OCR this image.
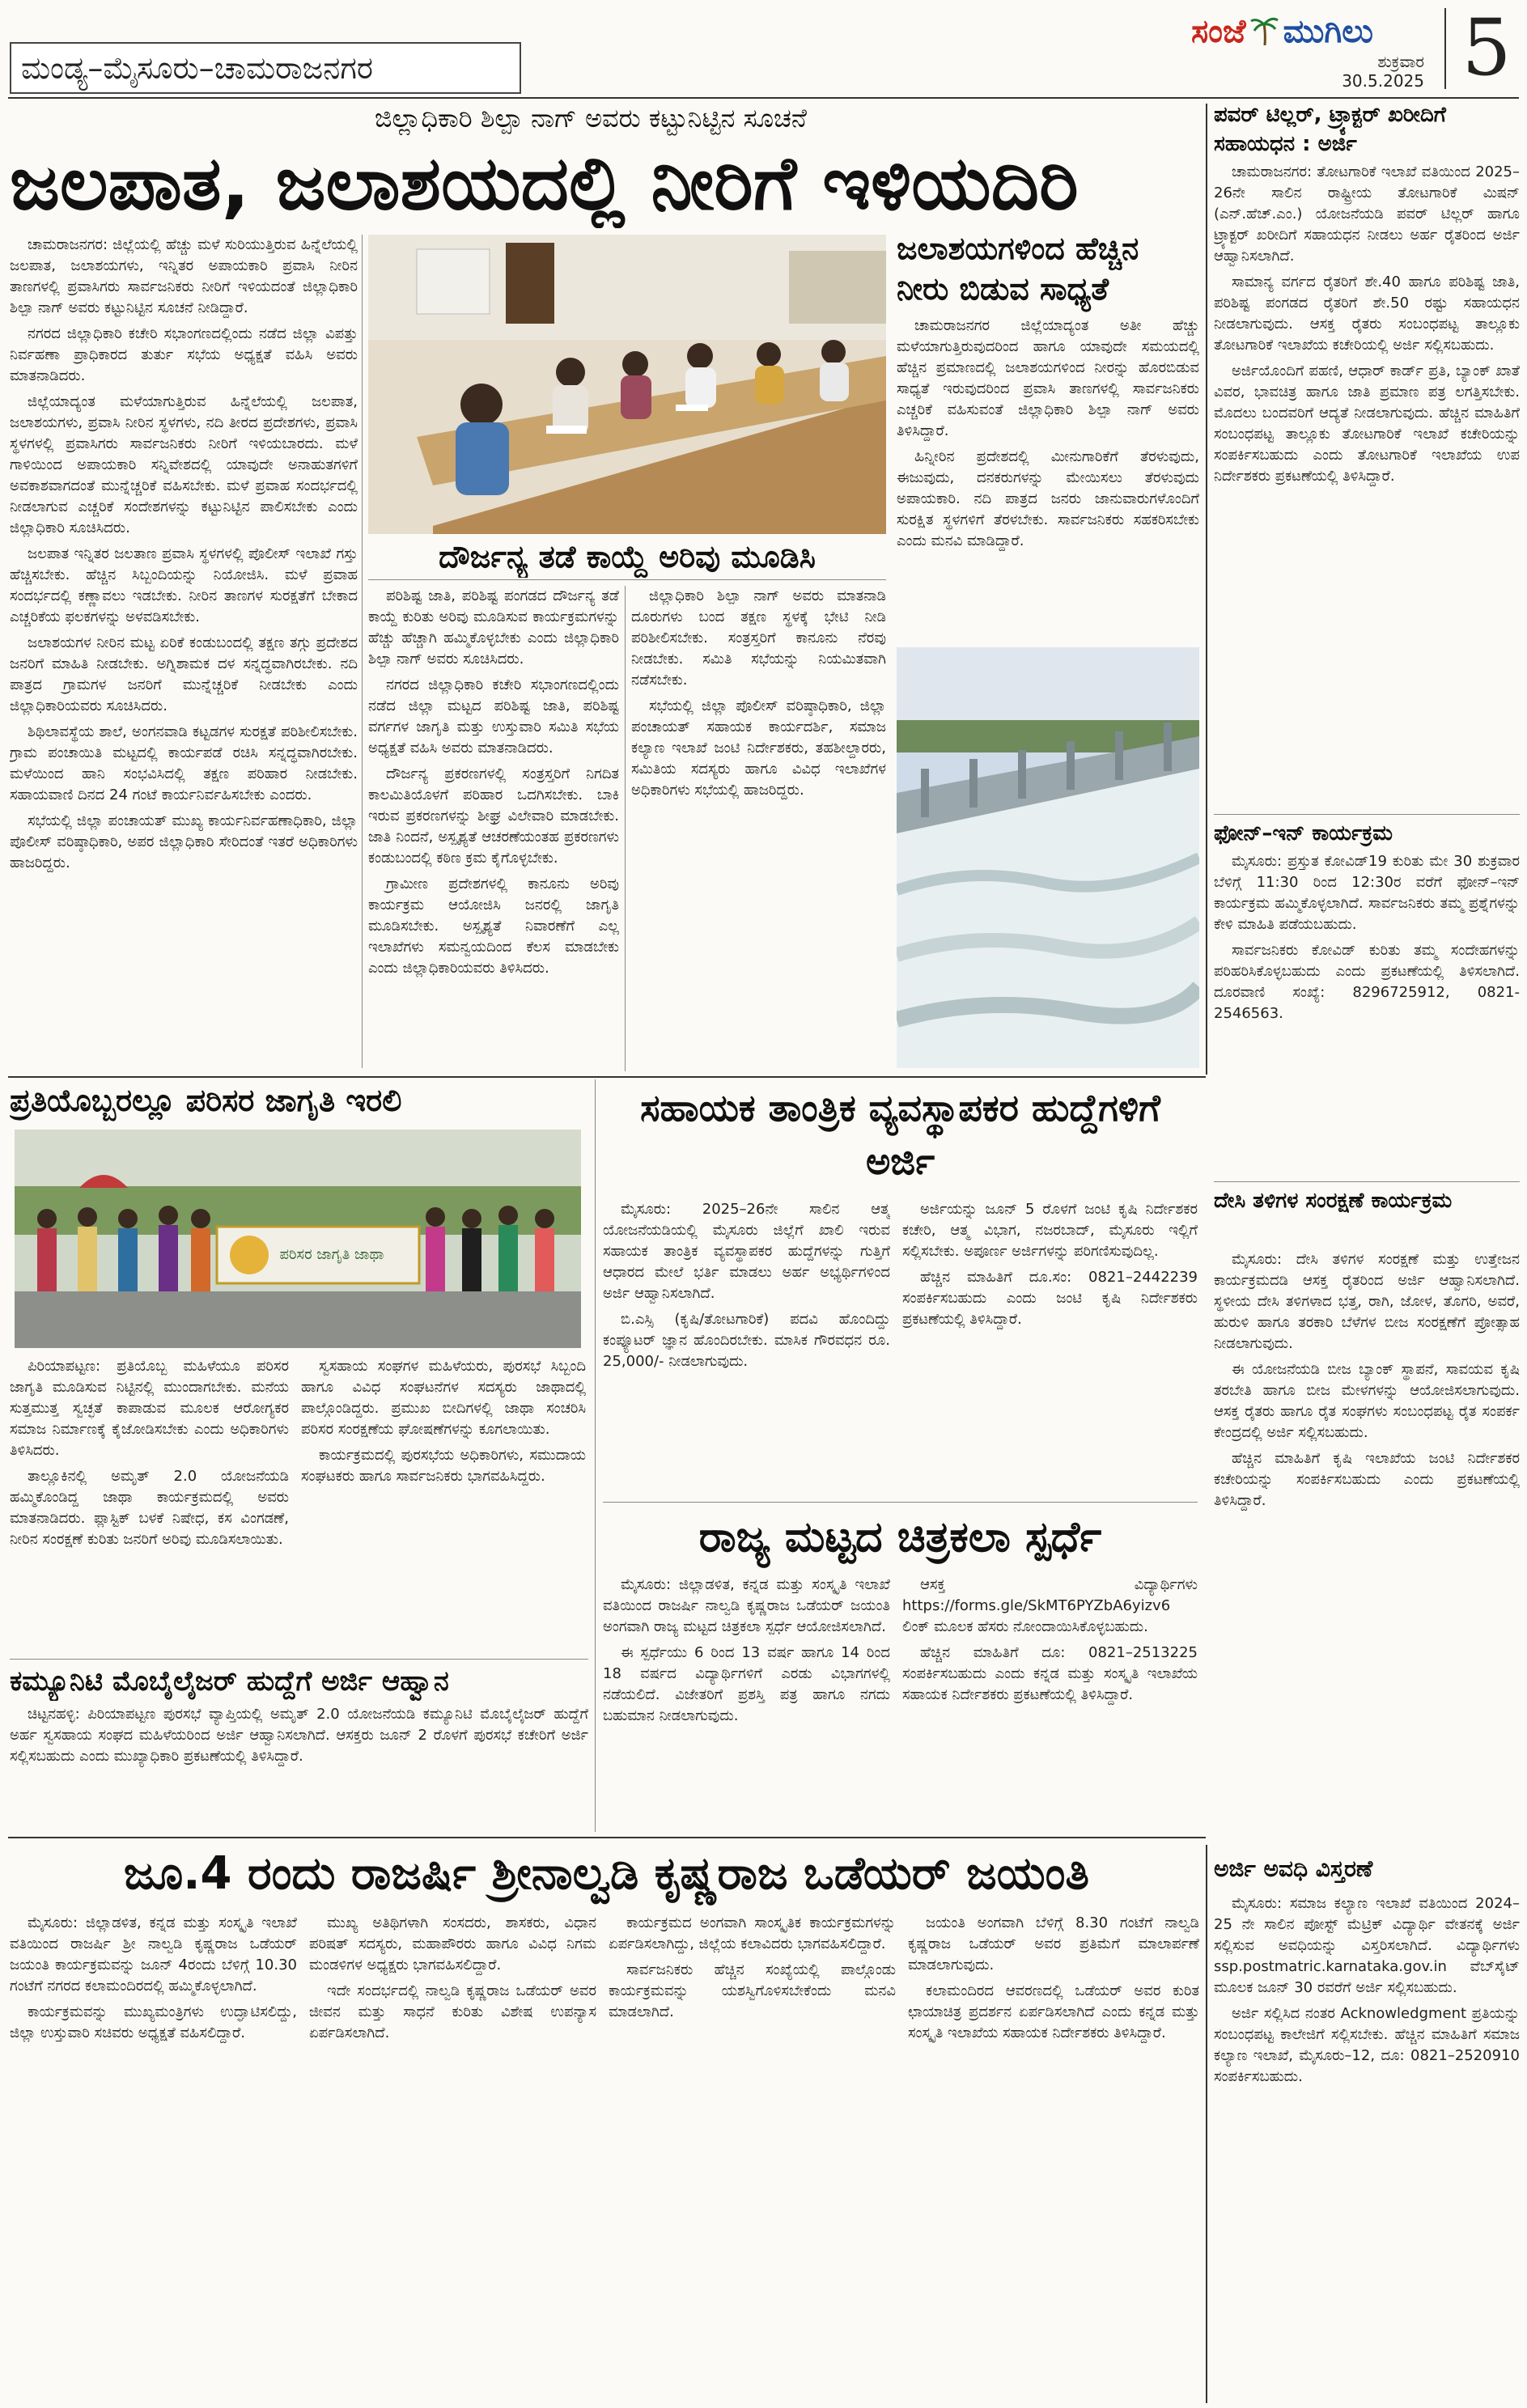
ಮಂಡ್ಯ–ಮೈಸೂರು–ಚಾಮರಾಜನಗರ
ಸಂಜೆ ಮುಗಿಲು
ಶುಕ್ರವಾರ
30.5.2025 5
ಜಿಲ್ಲಾಧಿಕಾರಿ ಶಿಲ್ಪಾ ನಾಗ್ ಅವರು ಕಟ್ಟುನಿಟ್ಟಿನ ಸೂಚನೆ
ಜಲಪಾತ, ಜಲಾಶಯದಲ್ಲಿ ನೀರಿಗೆ ಇಳಿಯದಿರಿ

ಚಾಮರಾಜನಗರ: ಜಿಲ್ಲೆಯಲ್ಲಿ ಹೆಚ್ಚು ಮಳೆ ಸುರಿಯುತ್ತಿರುವ ಹಿನ್ನೆಲೆಯಲ್ಲಿ ಜಲಪಾತ, ಜಲಾಶಯಗಳು, ಇನ್ನಿತರ ಅಪಾಯಕಾರಿ ಪ್ರವಾಸಿ ನೀರಿನ ತಾಣಗಳಲ್ಲಿ ಪ್ರವಾಸಿಗರು ಸಾರ್ವಜನಿಕರು ನೀರಿಗೆ ಇಳಿಯದಂತೆ ಜಿಲ್ಲಾಧಿಕಾರಿ ಶಿಲ್ಪಾ ನಾಗ್ ಅವರು ಕಟ್ಟುನಿಟ್ಟಿನ ಸೂಚನೆ ನೀಡಿದ್ದಾರೆ.

ನಗರದ ಜಿಲ್ಲಾಧಿಕಾರಿ ಕಚೇರಿ ಸಭಾಂಗಣದಲ್ಲಿಂದು ನಡೆದ ಜಿಲ್ಲಾ ವಿಪತ್ತು ನಿರ್ವಹಣಾ ಪ್ರಾಧಿಕಾರದ ತುರ್ತು ಸಭೆಯ ಅಧ್ಯಕ್ಷತೆ ವಹಿಸಿ ಅವರು ಮಾತನಾಡಿದರು.

ಜಿಲ್ಲೆಯಾದ್ಯಂತ ಮಳೆಯಾಗುತ್ತಿರುವ ಹಿನ್ನೆಲೆಯಲ್ಲಿ ಜಲಪಾತ, ಜಲಾಶಯಗಳು, ಪ್ರವಾಸಿ ನೀರಿನ ಸ್ಥಳಗಳು, ನದಿ ತೀರದ ಪ್ರದೇಶಗಳು, ಪ್ರವಾಸಿ ಸ್ಥಳಗಳಲ್ಲಿ ಪ್ರವಾಸಿಗರು ಸಾರ್ವಜನಿಕರು ನೀರಿಗೆ ಇಳಿಯಬಾರದು. ಮಳೆ ಗಾಳಿಯಿಂದ ಅಪಾಯಕಾರಿ ಸನ್ನಿವೇಶದಲ್ಲಿ ಯಾವುದೇ ಅನಾಹುತಗಳಿಗೆ ಅವಕಾಶವಾಗದಂತೆ ಮುನ್ನೆಚ್ಚರಿಕೆ ವಹಿಸಬೇಕು. ಮಳೆ ಪ್ರವಾಹ ಸಂದರ್ಭದಲ್ಲಿ ನೀಡಲಾಗುವ ಎಚ್ಚರಿಕೆ ಸಂದೇಶಗಳನ್ನು ಕಟ್ಟುನಿಟ್ಟಿನ ಪಾಲಿಸಬೇಕು ಎಂದು ಜಿಲ್ಲಾಧಿಕಾರಿ ಸೂಚಿಸಿದರು.

ಜಲಪಾತ ಇನ್ನಿತರ ಜಲತಾಣ ಪ್ರವಾಸಿ ಸ್ಥಳಗಳಲ್ಲಿ ಪೊಲೀಸ್ ಇಲಾಖೆ ಗಸ್ತು ಹೆಚ್ಚಿಸಬೇಕು. ಹೆಚ್ಚಿನ ಸಿಬ್ಬಂದಿಯನ್ನು ನಿಯೋಜಿಸಿ. ಮಳೆ ಪ್ರವಾಹ ಸಂದರ್ಭದಲ್ಲಿ ಕಣ್ಣಾವಲು ಇಡಬೇಕು. ನೀರಿನ ತಾಣಗಳ ಸುರಕ್ಷತೆಗೆ ಬೇಕಾದ ಎಚ್ಚರಿಕೆಯ ಫಲಕಗಳನ್ನು ಅಳವಡಿಸಬೇಕು.

ಜಲಾಶಯಗಳ ನೀರಿನ ಮಟ್ಟ ಏರಿಕೆ ಕಂಡುಬಂದಲ್ಲಿ ತಕ್ಷಣ ತಗ್ಗು ಪ್ರದೇಶದ ಜನರಿಗೆ ಮಾಹಿತಿ ನೀಡಬೇಕು. ಅಗ್ನಿಶಾಮಕ ದಳ ಸನ್ನದ್ಧವಾಗಿರಬೇಕು. ನದಿ ಪಾತ್ರದ ಗ್ರಾಮಗಳ ಜನರಿಗೆ ಮುನ್ನೆಚ್ಚರಿಕೆ ನೀಡಬೇಕು ಎಂದು ಜಿಲ್ಲಾಧಿಕಾರಿಯವರು ಸೂಚಿಸಿದರು.

ಶಿಥಿಲಾವಸ್ಥೆಯ ಶಾಲೆ, ಅಂಗನವಾಡಿ ಕಟ್ಟಡಗಳ ಸುರಕ್ಷತೆ ಪರಿಶೀಲಿಸಬೇಕು. ಗ್ರಾಮ ಪಂಚಾಯಿತಿ ಮಟ್ಟದಲ್ಲಿ ಕಾರ್ಯಪಡೆ ರಚಿಸಿ ಸನ್ನದ್ಧವಾಗಿರಬೇಕು. ಮಳೆಯಿಂದ ಹಾನಿ ಸಂಭವಿಸಿದಲ್ಲಿ ತಕ್ಷಣ ಪರಿಹಾರ ನೀಡಬೇಕು. ಸಹಾಯವಾಣಿ ದಿನದ 24 ಗಂಟೆ ಕಾರ್ಯನಿರ್ವಹಿಸಬೇಕು ಎಂದರು.

ಸಭೆಯಲ್ಲಿ ಜಿಲ್ಲಾ ಪಂಚಾಯತ್ ಮುಖ್ಯ ಕಾರ್ಯನಿರ್ವಹಣಾಧಿಕಾರಿ, ಜಿಲ್ಲಾ ಪೊಲೀಸ್ ವರಿಷ್ಠಾಧಿಕಾರಿ, ಅಪರ ಜಿಲ್ಲಾಧಿಕಾರಿ ಸೇರಿದಂತೆ ಇತರೆ ಅಧಿಕಾರಿಗಳು ಹಾಜರಿದ್ದರು.

ಜಲಾಶಯಗಳಿಂದ ಹೆಚ್ಚಿನ ನೀರು ಬಿಡುವ ಸಾಧ್ಯತೆ

ಚಾಮರಾಜನಗರ ಜಿಲ್ಲೆಯಾದ್ಯಂತ ಅತೀ ಹೆಚ್ಚು ಮಳೆಯಾಗುತ್ತಿರುವುದರಿಂದ ಹಾಗೂ ಯಾವುದೇ ಸಮಯದಲ್ಲಿ ಹೆಚ್ಚಿನ ಪ್ರಮಾಣದಲ್ಲಿ ಜಲಾಶಯಗಳಿಂದ ನೀರನ್ನು ಹೊರಬಿಡುವ ಸಾಧ್ಯತೆ ಇರುವುದರಿಂದ ಪ್ರವಾಸಿ ತಾಣಗಳಲ್ಲಿ ಸಾರ್ವಜನಿಕರು ಎಚ್ಚರಿಕೆ ವಹಿಸುವಂತೆ ಜಿಲ್ಲಾಧಿಕಾರಿ ಶಿಲ್ಪಾ ನಾಗ್ ಅವರು ತಿಳಿಸಿದ್ದಾರೆ.

ಹಿನ್ನೀರಿನ ಪ್ರದೇಶದಲ್ಲಿ ಮೀನುಗಾರಿಕೆಗೆ ತೆರಳುವುದು, ಈಜುವುದು, ದನಕರುಗಳನ್ನು ಮೇಯಿಸಲು ತೆರಳುವುದು ಅಪಾಯಕಾರಿ. ನದಿ ಪಾತ್ರದ ಜನರು ಜಾನುವಾರುಗಳೊಂದಿಗೆ ಸುರಕ್ಷಿತ ಸ್ಥಳಗಳಿಗೆ ತೆರಳಬೇಕು. ಸಾರ್ವಜನಿಕರು ಸಹಕರಿಸಬೇಕು ಎಂದು ಮನವಿ ಮಾಡಿದ್ದಾರೆ.

ದೌರ್ಜನ್ಯ ತಡೆ ಕಾಯ್ದೆ ಅರಿವು ಮೂಡಿಸಿ

ಪರಿಶಿಷ್ಟ ಜಾತಿ, ಪರಿಶಿಷ್ಟ ಪಂಗಡದ ದೌರ್ಜನ್ಯ ತಡೆ ಕಾಯ್ದೆ ಕುರಿತು ಅರಿವು ಮೂಡಿಸುವ ಕಾರ್ಯಕ್ರಮಗಳನ್ನು ಹೆಚ್ಚು ಹೆಚ್ಚಾಗಿ ಹಮ್ಮಿಕೊಳ್ಳಬೇಕು ಎಂದು ಜಿಲ್ಲಾಧಿಕಾರಿ ಶಿಲ್ಪಾ ನಾಗ್ ಅವರು ಸೂಚಿಸಿದರು.

ನಗರದ ಜಿಲ್ಲಾಧಿಕಾರಿ ಕಚೇರಿ ಸಭಾಂಗಣದಲ್ಲಿಂದು ನಡೆದ ಜಿಲ್ಲಾ ಮಟ್ಟದ ಪರಿಶಿಷ್ಟ ಜಾತಿ, ಪರಿಶಿಷ್ಟ ವರ್ಗಗಳ ಜಾಗೃತಿ ಮತ್ತು ಉಸ್ತುವಾರಿ ಸಮಿತಿ ಸಭೆಯ ಅಧ್ಯಕ್ಷತೆ ವಹಿಸಿ ಅವರು ಮಾತನಾಡಿದರು.

ದೌರ್ಜನ್ಯ ಪ್ರಕರಣಗಳಲ್ಲಿ ಸಂತ್ರಸ್ತರಿಗೆ ನಿಗದಿತ ಕಾಲಮಿತಿಯೊಳಗೆ ಪರಿಹಾರ ಒದಗಿಸಬೇಕು. ಬಾಕಿ ಇರುವ ಪ್ರಕರಣಗಳನ್ನು ಶೀಘ್ರ ವಿಲೇವಾರಿ ಮಾಡಬೇಕು. ಜಾತಿ ನಿಂದನೆ, ಅಸ್ಪೃಶ್ಯತೆ ಆಚರಣೆಯಂತಹ ಪ್ರಕರಣಗಳು ಕಂಡುಬಂದಲ್ಲಿ ಕಠಿಣ ಕ್ರಮ ಕೈಗೊಳ್ಳಬೇಕು.

ಗ್ರಾಮೀಣ ಪ್ರದೇಶಗಳಲ್ಲಿ ಕಾನೂನು ಅರಿವು ಕಾರ್ಯಕ್ರಮ ಆಯೋಜಿಸಿ ಜನರಲ್ಲಿ ಜಾಗೃತಿ ಮೂಡಿಸಬೇಕು. ಅಸ್ಪೃಶ್ಯತೆ ನಿವಾರಣೆಗೆ ಎಲ್ಲ ಇಲಾಖೆಗಳು ಸಮನ್ವಯದಿಂದ ಕೆಲಸ ಮಾಡಬೇಕು ಎಂದು ಜಿಲ್ಲಾಧಿಕಾರಿಯವರು ತಿಳಿಸಿದರು.

ಜಿಲ್ಲಾಧಿಕಾರಿ ಶಿಲ್ಪಾ ನಾಗ್ ಅವರು ಮಾತನಾಡಿ ದೂರುಗಳು ಬಂದ ತಕ್ಷಣ ಸ್ಥಳಕ್ಕೆ ಭೇಟಿ ನೀಡಿ ಪರಿಶೀಲಿಸಬೇಕು. ಸಂತ್ರಸ್ತರಿಗೆ ಕಾನೂನು ನೆರವು ನೀಡಬೇಕು. ಸಮಿತಿ ಸಭೆಯನ್ನು ನಿಯಮಿತವಾಗಿ ನಡೆಸಬೇಕು.

ಸಭೆಯಲ್ಲಿ ಜಿಲ್ಲಾ ಪೊಲೀಸ್ ವರಿಷ್ಠಾಧಿಕಾರಿ, ಜಿಲ್ಲಾ ಪಂಚಾಯತ್ ಸಹಾಯಕ ಕಾರ್ಯದರ್ಶಿ, ಸಮಾಜ ಕಲ್ಯಾಣ ಇಲಾಖೆ ಜಂಟಿ ನಿರ್ದೇಶಕರು, ತಹಶೀಲ್ದಾರರು, ಸಮಿತಿಯ ಸದಸ್ಯರು ಹಾಗೂ ವಿವಿಧ ಇಲಾಖೆಗಳ ಅಧಿಕಾರಿಗಳು ಸಭೆಯಲ್ಲಿ ಹಾಜರಿದ್ದರು.

ಪವರ್ ಟಿಲ್ಲರ್, ಟ್ರ್ಯಾಕ್ಟರ್ ಖರೀದಿಗೆ ಸಹಾಯಧನ : ಅರ್ಜಿ

ಚಾಮರಾಜನಗರ: ತೋಟಗಾರಿಕೆ ಇಲಾಖೆ ವತಿಯಿಂದ 2025–26ನೇ ಸಾಲಿನ ರಾಷ್ಟ್ರೀಯ ತೋಟಗಾರಿಕೆ ಮಿಷನ್ (ಎನ್.ಹೆಚ್.ಎಂ.) ಯೋಜನೆಯಡಿ ಪವರ್ ಟಿಲ್ಲರ್ ಹಾಗೂ ಟ್ರ್ಯಾಕ್ಟರ್ ಖರೀದಿಗೆ ಸಹಾಯಧನ ನೀಡಲು ಅರ್ಹ ರೈತರಿಂದ ಅರ್ಜಿ ಆಹ್ವಾನಿಸಲಾಗಿದೆ.

ಸಾಮಾನ್ಯ ವರ್ಗದ ರೈತರಿಗೆ ಶೇ.40 ಹಾಗೂ ಪರಿಶಿಷ್ಟ ಜಾತಿ, ಪರಿಶಿಷ್ಟ ಪಂಗಡದ ರೈತರಿಗೆ ಶೇ.50 ರಷ್ಟು ಸಹಾಯಧನ ನೀಡಲಾಗುವುದು. ಆಸಕ್ತ ರೈತರು ಸಂಬಂಧಪಟ್ಟ ತಾಲ್ಲೂಕು ತೋಟಗಾರಿಕೆ ಇಲಾಖೆಯ ಕಚೇರಿಯಲ್ಲಿ ಅರ್ಜಿ ಸಲ್ಲಿಸಬಹುದು.

ಅರ್ಜಿಯೊಂದಿಗೆ ಪಹಣಿ, ಆಧಾರ್ ಕಾರ್ಡ್ ಪ್ರತಿ, ಬ್ಯಾಂಕ್ ಖಾತೆ ವಿವರ, ಭಾವಚಿತ್ರ ಹಾಗೂ ಜಾತಿ ಪ್ರಮಾಣ ಪತ್ರ ಲಗತ್ತಿಸಬೇಕು. ಮೊದಲು ಬಂದವರಿಗೆ ಆದ್ಯತೆ ನೀಡಲಾಗುವುದು. ಹೆಚ್ಚಿನ ಮಾಹಿತಿಗೆ ಸಂಬಂಧಪಟ್ಟ ತಾಲ್ಲೂಕು ತೋಟಗಾರಿಕೆ ಇಲಾಖೆ ಕಚೇರಿಯನ್ನು ಸಂಪರ್ಕಿಸಬಹುದು ಎಂದು ತೋಟಗಾರಿಕೆ ಇಲಾಖೆಯ ಉಪ ನಿರ್ದೇಶಕರು ಪ್ರಕಟಣೆಯಲ್ಲಿ ತಿಳಿಸಿದ್ದಾರೆ.

ಫೋನ್–ಇನ್ ಕಾರ್ಯಕ್ರಮ

ಮೈಸೂರು: ಪ್ರಸ್ತುತ ಕೋವಿಡ್19 ಕುರಿತು ಮೇ 30 ಶುಕ್ರವಾರ ಬೆಳಿಗ್ಗೆ 11:30 ರಿಂದ 12:30ರ ವರೆಗೆ ಫೋನ್–ಇನ್ ಕಾರ್ಯಕ್ರಮ ಹಮ್ಮಿಕೊಳ್ಳಲಾಗಿದೆ. ಸಾರ್ವಜನಿಕರು ತಮ್ಮ ಪ್ರಶ್ನೆಗಳನ್ನು ಕೇಳಿ ಮಾಹಿತಿ ಪಡೆಯಬಹುದು.

ಸಾರ್ವಜನಿಕರು ಕೋವಿಡ್ ಕುರಿತು ತಮ್ಮ ಸಂದೇಹಗಳನ್ನು ಪರಿಹರಿಸಿಕೊಳ್ಳಬಹುದು ಎಂದು ಪ್ರಕಟಣೆಯಲ್ಲಿ ತಿಳಿಸಲಾಗಿದೆ. ದೂರವಾಣಿ ಸಂಖ್ಯೆ: 8296725912, 0821-2546563.

ದೇಸಿ ತಳಿಗಳ ಸಂರಕ್ಷಣೆ ಕಾರ್ಯಕ್ರಮ

ಮೈಸೂರು: ದೇಸಿ ತಳಿಗಳ ಸಂರಕ್ಷಣೆ ಮತ್ತು ಉತ್ತೇಜನ ಕಾರ್ಯಕ್ರಮದಡಿ ಆಸಕ್ತ ರೈತರಿಂದ ಅರ್ಜಿ ಆಹ್ವಾನಿಸಲಾಗಿದೆ. ಸ್ಥಳೀಯ ದೇಸಿ ತಳಿಗಳಾದ ಭತ್ತ, ರಾಗಿ, ಜೋಳ, ತೊಗರಿ, ಅವರೆ, ಹುರುಳಿ ಹಾಗೂ ತರಕಾರಿ ಬೆಳೆಗಳ ಬೀಜ ಸಂರಕ್ಷಣೆಗೆ ಪ್ರೋತ್ಸಾಹ ನೀಡಲಾಗುವುದು.

ಈ ಯೋಜನೆಯಡಿ ಬೀಜ ಬ್ಯಾಂಕ್ ಸ್ಥಾಪನೆ, ಸಾವಯವ ಕೃಷಿ ತರಬೇತಿ ಹಾಗೂ ಬೀಜ ಮೇಳಗಳನ್ನು ಆಯೋಜಿಸಲಾಗುವುದು. ಆಸಕ್ತ ರೈತರು ಹಾಗೂ ರೈತ ಸಂಘಗಳು ಸಂಬಂಧಪಟ್ಟ ರೈತ ಸಂಪರ್ಕ ಕೇಂದ್ರದಲ್ಲಿ ಅರ್ಜಿ ಸಲ್ಲಿಸಬಹುದು.

ಹೆಚ್ಚಿನ ಮಾಹಿತಿಗೆ ಕೃಷಿ ಇಲಾಖೆಯ ಜಂಟಿ ನಿರ್ದೇಶಕರ ಕಚೇರಿಯನ್ನು ಸಂಪರ್ಕಿಸಬಹುದು ಎಂದು ಪ್ರಕಟಣೆಯಲ್ಲಿ ತಿಳಿಸಿದ್ದಾರೆ.

ಪ್ರತಿಯೊಬ್ಬರಲ್ಲೂ ಪರಿಸರ ಜಾಗೃತಿ ಇರಲಿ
ಪರಿಸರ ಜಾಗೃತಿ ಜಾಥಾ

ಪಿರಿಯಾಪಟ್ಟಣ: ಪ್ರತಿಯೊಬ್ಬ ಮಹಿಳೆಯೂ ಪರಿಸರ ಜಾಗೃತಿ ಮೂಡಿಸುವ ನಿಟ್ಟಿನಲ್ಲಿ ಮುಂದಾಗಬೇಕು. ಮನೆಯ ಸುತ್ತಮುತ್ತ ಸ್ವಚ್ಛತೆ ಕಾಪಾಡುವ ಮೂಲಕ ಆರೋಗ್ಯಕರ ಸಮಾಜ ನಿರ್ಮಾಣಕ್ಕೆ ಕೈಜೋಡಿಸಬೇಕು ಎಂದು ಅಧಿಕಾರಿಗಳು ತಿಳಿಸಿದರು.

ತಾಲ್ಲೂಕಿನಲ್ಲಿ ಅಮೃತ್ 2.0 ಯೋಜನೆಯಡಿ ಹಮ್ಮಿಕೊಂಡಿದ್ದ ಜಾಥಾ ಕಾರ್ಯಕ್ರಮದಲ್ಲಿ ಅವರು ಮಾತನಾಡಿದರು. ಪ್ಲಾಸ್ಟಿಕ್ ಬಳಕೆ ನಿಷೇಧ, ಕಸ ವಿಂಗಡಣೆ, ನೀರಿನ ಸಂರಕ್ಷಣೆ ಕುರಿತು ಜನರಿಗೆ ಅರಿವು ಮೂಡಿಸಲಾಯಿತು.

ಸ್ವಸಹಾಯ ಸಂಘಗಳ ಮಹಿಳೆಯರು, ಪುರಸಭೆ ಸಿಬ್ಬಂದಿ ಹಾಗೂ ವಿವಿಧ ಸಂಘಟನೆಗಳ ಸದಸ್ಯರು ಜಾಥಾದಲ್ಲಿ ಪಾಲ್ಗೊಂಡಿದ್ದರು. ಪ್ರಮುಖ ಬೀದಿಗಳಲ್ಲಿ ಜಾಥಾ ಸಂಚರಿಸಿ ಪರಿಸರ ಸಂರಕ್ಷಣೆಯ ಘೋಷಣೆಗಳನ್ನು ಕೂಗಲಾಯಿತು.

ಕಾರ್ಯಕ್ರಮದಲ್ಲಿ ಪುರಸಭೆಯ ಅಧಿಕಾರಿಗಳು, ಸಮುದಾಯ ಸಂಘಟಕರು ಹಾಗೂ ಸಾರ್ವಜನಿಕರು ಭಾಗವಹಿಸಿದ್ದರು.

ಕಮ್ಯೂನಿಟಿ ಮೊಬೈಲೈಜರ್ ಹುದ್ದೆಗೆ ಅರ್ಜಿ ಆಹ್ವಾನ

ಚಿಟ್ಟನಹಳ್ಳಿ: ಪಿರಿಯಾಪಟ್ಟಣ ಪುರಸಭೆ ವ್ಯಾಪ್ತಿಯಲ್ಲಿ ಅಮೃತ್ 2.0 ಯೋಜನೆಯಡಿ ಕಮ್ಯೂನಿಟಿ ಮೊಬೈಲೈಜರ್ ಹುದ್ದೆಗೆ ಅರ್ಹ ಸ್ವಸಹಾಯ ಸಂಘದ ಮಹಿಳೆಯರಿಂದ ಅರ್ಜಿ ಆಹ್ವಾನಿಸಲಾಗಿದೆ. ಆಸಕ್ತರು ಜೂನ್ 2 ರೊಳಗೆ ಪುರಸಭೆ ಕಚೇರಿಗೆ ಅರ್ಜಿ ಸಲ್ಲಿಸಬಹುದು ಎಂದು ಮುಖ್ಯಾಧಿಕಾರಿ ಪ್ರಕಟಣೆಯಲ್ಲಿ ತಿಳಿಸಿದ್ದಾರೆ.

ಸಹಾಯಕ ತಾಂತ್ರಿಕ ವ್ಯವಸ್ಥಾಪಕರ ಹುದ್ದೆಗಳಿಗೆ ಅರ್ಜಿ

ಮೈಸೂರು: 2025–26ನೇ ಸಾಲಿನ ಆತ್ಮ ಯೋಜನೆಯಡಿಯಲ್ಲಿ ಮೈಸೂರು ಜಿಲ್ಲೆಗೆ ಖಾಲಿ ಇರುವ ಸಹಾಯಕ ತಾಂತ್ರಿಕ ವ್ಯವಸ್ಥಾಪಕರ ಹುದ್ದೆಗಳನ್ನು ಗುತ್ತಿಗೆ ಆಧಾರದ ಮೇಲೆ ಭರ್ತಿ ಮಾಡಲು ಅರ್ಹ ಅಭ್ಯರ್ಥಿಗಳಿಂದ ಅರ್ಜಿ ಆಹ್ವಾನಿಸಲಾಗಿದೆ.

ಬಿ.ಎಸ್ಸಿ (ಕೃಷಿ/ತೋಟಗಾರಿಕೆ) ಪದವಿ ಹೊಂದಿದ್ದು ಕಂಪ್ಯೂಟರ್ ಜ್ಞಾನ ಹೊಂದಿರಬೇಕು. ಮಾಸಿಕ ಗೌರವಧನ ರೂ. 25,000/- ನೀಡಲಾಗುವುದು.

ಅರ್ಜಿಯನ್ನು ಜೂನ್ 5 ರೊಳಗೆ ಜಂಟಿ ಕೃಷಿ ನಿರ್ದೇಶಕರ ಕಚೇರಿ, ಆತ್ಮ ವಿಭಾಗ, ನಜರಬಾದ್, ಮೈಸೂರು ಇಲ್ಲಿಗೆ ಸಲ್ಲಿಸಬೇಕು. ಅಪೂರ್ಣ ಅರ್ಜಿಗಳನ್ನು ಪರಿಗಣಿಸುವುದಿಲ್ಲ.

ಹೆಚ್ಚಿನ ಮಾಹಿತಿಗೆ ದೂ.ಸಂ: 0821–2442239 ಸಂಪರ್ಕಿಸಬಹುದು ಎಂದು ಜಂಟಿ ಕೃಷಿ ನಿರ್ದೇಶಕರು ಪ್ರಕಟಣೆಯಲ್ಲಿ ತಿಳಿಸಿದ್ದಾರೆ.

ರಾಜ್ಯ ಮಟ್ಟದ ಚಿತ್ರಕಲಾ ಸ್ಪರ್ಧೆ

ಮೈಸೂರು: ಜಿಲ್ಲಾಡಳಿತ, ಕನ್ನಡ ಮತ್ತು ಸಂಸ್ಕೃತಿ ಇಲಾಖೆ ವತಿಯಿಂದ ರಾಜರ್ಷಿ ನಾಲ್ವಡಿ ಕೃಷ್ಣರಾಜ ಒಡೆಯರ್ ಜಯಂತಿ ಅಂಗವಾಗಿ ರಾಜ್ಯ ಮಟ್ಟದ ಚಿತ್ರಕಲಾ ಸ್ಪರ್ಧೆ ಆಯೋಜಿಸಲಾಗಿದೆ.

ಈ ಸ್ಪರ್ಧೆಯು 6 ರಿಂದ 13 ವರ್ಷ ಹಾಗೂ 14 ರಿಂದ 18 ವರ್ಷದ ವಿದ್ಯಾರ್ಥಿಗಳಿಗೆ ಎರಡು ವಿಭಾಗಗಳಲ್ಲಿ ನಡೆಯಲಿದೆ. ವಿಜೇತರಿಗೆ ಪ್ರಶಸ್ತಿ ಪತ್ರ ಹಾಗೂ ನಗದು ಬಹುಮಾನ ನೀಡಲಾಗುವುದು.

ಆಸಕ್ತ ವಿದ್ಯಾರ್ಥಿಗಳು https://forms.gle/SkMT6PYZbA6yizv6 ಲಿಂಕ್ ಮೂಲಕ ಹೆಸರು ನೋಂದಾಯಿಸಿಕೊಳ್ಳಬಹುದು.

ಹೆಚ್ಚಿನ ಮಾಹಿತಿಗೆ ದೂ: 0821–2513225 ಸಂಪರ್ಕಿಸಬಹುದು ಎಂದು ಕನ್ನಡ ಮತ್ತು ಸಂಸ್ಕೃತಿ ಇಲಾಖೆಯ ಸಹಾಯಕ ನಿರ್ದೇಶಕರು ಪ್ರಕಟಣೆಯಲ್ಲಿ ತಿಳಿಸಿದ್ದಾರೆ.

ಜೂ.4 ರಂದು ರಾಜರ್ಷಿ ಶ್ರೀನಾಲ್ವಡಿ ಕೃಷ್ಣರಾಜ ಒಡೆಯರ್ ಜಯಂತಿ

ಮೈಸೂರು: ಜಿಲ್ಲಾಡಳಿತ, ಕನ್ನಡ ಮತ್ತು ಸಂಸ್ಕೃತಿ ಇಲಾಖೆ ವತಿಯಿಂದ ರಾಜರ್ಷಿ ಶ್ರೀ ನಾಲ್ವಡಿ ಕೃಷ್ಣರಾಜ ಒಡೆಯರ್ ಜಯಂತಿ ಕಾರ್ಯಕ್ರಮವನ್ನು ಜೂನ್ 4ರಂದು ಬೆಳಿಗ್ಗೆ 10.30 ಗಂಟೆಗೆ ನಗರದ ಕಲಾಮಂದಿರದಲ್ಲಿ ಹಮ್ಮಿಕೊಳ್ಳಲಾಗಿದೆ.

ಕಾರ್ಯಕ್ರಮವನ್ನು ಮುಖ್ಯಮಂತ್ರಿಗಳು ಉದ್ಘಾಟಿಸಲಿದ್ದು, ಜಿಲ್ಲಾ ಉಸ್ತುವಾರಿ ಸಚಿವರು ಅಧ್ಯಕ್ಷತೆ ವಹಿಸಲಿದ್ದಾರೆ.

ಮುಖ್ಯ ಅತಿಥಿಗಳಾಗಿ ಸಂಸದರು, ಶಾಸಕರು, ವಿಧಾನ ಪರಿಷತ್ ಸದಸ್ಯರು, ಮಹಾಪೌರರು ಹಾಗೂ ವಿವಿಧ ನಿಗಮ ಮಂಡಳಿಗಳ ಅಧ್ಯಕ್ಷರು ಭಾಗವಹಿಸಲಿದ್ದಾರೆ.

ಇದೇ ಸಂದರ್ಭದಲ್ಲಿ ನಾಲ್ವಡಿ ಕೃಷ್ಣರಾಜ ಒಡೆಯರ್ ಅವರ ಜೀವನ ಮತ್ತು ಸಾಧನೆ ಕುರಿತು ವಿಶೇಷ ಉಪನ್ಯಾಸ ಏರ್ಪಡಿಸಲಾಗಿದೆ.

ಕಾರ್ಯಕ್ರಮದ ಅಂಗವಾಗಿ ಸಾಂಸ್ಕೃತಿಕ ಕಾರ್ಯಕ್ರಮಗಳನ್ನು ಏರ್ಪಡಿಸಲಾಗಿದ್ದು, ಜಿಲ್ಲೆಯ ಕಲಾವಿದರು ಭಾಗವಹಿಸಲಿದ್ದಾರೆ.

ಸಾರ್ವಜನಿಕರು ಹೆಚ್ಚಿನ ಸಂಖ್ಯೆಯಲ್ಲಿ ಪಾಲ್ಗೊಂಡು ಕಾರ್ಯಕ್ರಮವನ್ನು ಯಶಸ್ವಿಗೊಳಿಸಬೇಕೆಂದು ಮನವಿ ಮಾಡಲಾಗಿದೆ.

ಜಯಂತಿ ಅಂಗವಾಗಿ ಬೆಳಿಗ್ಗೆ 8.30 ಗಂಟೆಗೆ ನಾಲ್ವಡಿ ಕೃಷ್ಣರಾಜ ಒಡೆಯರ್ ಅವರ ಪ್ರತಿಮೆಗೆ ಮಾಲಾರ್ಪಣೆ ಮಾಡಲಾಗುವುದು.

ಕಲಾಮಂದಿರದ ಆವರಣದಲ್ಲಿ ಒಡೆಯರ್ ಅವರ ಕುರಿತ ಛಾಯಾಚಿತ್ರ ಪ್ರದರ್ಶನ ಏರ್ಪಡಿಸಲಾಗಿದೆ ಎಂದು ಕನ್ನಡ ಮತ್ತು ಸಂಸ್ಕೃತಿ ಇಲಾಖೆಯ ಸಹಾಯಕ ನಿರ್ದೇಶಕರು ತಿಳಿಸಿದ್ದಾರೆ.

ಅರ್ಜಿ ಅವಧಿ ವಿಸ್ತರಣೆ

ಮೈಸೂರು: ಸಮಾಜ ಕಲ್ಯಾಣ ಇಲಾಖೆ ವತಿಯಿಂದ 2024–25 ನೇ ಸಾಲಿನ ಪೋಸ್ಟ್ ಮೆಟ್ರಿಕ್ ವಿದ್ಯಾರ್ಥಿ ವೇತನಕ್ಕೆ ಅರ್ಜಿ ಸಲ್ಲಿಸುವ ಅವಧಿಯನ್ನು ವಿಸ್ತರಿಸಲಾಗಿದೆ. ವಿದ್ಯಾರ್ಥಿಗಳು ssp.postmatric.karnataka.gov.in ವೆಬ್‌ಸೈಟ್ ಮೂಲಕ ಜೂನ್ 30 ರವರೆಗೆ ಅರ್ಜಿ ಸಲ್ಲಿಸಬಹುದು.

ಅರ್ಜಿ ಸಲ್ಲಿಸಿದ ನಂತರ Acknowledgment ಪ್ರತಿಯನ್ನು ಸಂಬಂಧಪಟ್ಟ ಕಾಲೇಜಿಗೆ ಸಲ್ಲಿಸಬೇಕು. ಹೆಚ್ಚಿನ ಮಾಹಿತಿಗೆ ಸಮಾಜ ಕಲ್ಯಾಣ ಇಲಾಖೆ, ಮೈಸೂರು–12, ದೂ: 0821–2520910 ಸಂಪರ್ಕಿಸಬಹುದು.
